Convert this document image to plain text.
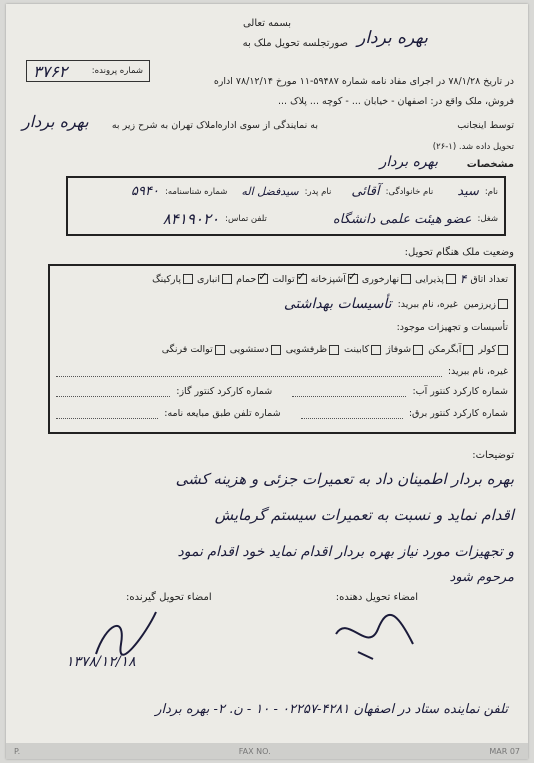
بسمه تعالی
صورتجلسه تحویل ملک به بهره بردار
شماره پرونده:
۳۷۶۲
در تاریخ ۷۸/۱/۲۸ در اجرای مفاد نامه شماره ۵۹۴۸۷-۱۱ مورخ ۷۸/۱۲/۱۴ اداره
فروش، ملک واقع در: اصفهان - خیابان ... - کوچه ... پلاک ...
توسط اینجانب
به نمایندگی از سوی اداره
املاک تهران به شرح زیر به
بهره بردار
تحویل داده شد. (۱-۲۶)
مشخصات
بهره بردار
نام:
سید
نام خانوادگی:
آقائی
نام پدر:
سیدفضل اله
شماره شناسنامه:
۵۹۴۰
شغل:
عضو هیئت علمی دانشگاه
تلفن تماس:
۸۴۱۹۰۲۰
وضعیت ملک هنگام تحویل:
تعداد اتاق
۴
پذیرایی
نهارخوری
✓
آشپزخانه
✓
توالت
✓
حمام
انباری
پارکینگ
زیرزمین
غیره، نام ببرید:
تأسیسات بهداشتی
تأسیسات و تجهیزات موجود:
کولر
آبگرمکن
شوفاژ
کابینت
ظرفشویی
دستشویی
توالت فرنگی
غیره، نام ببرید:
شماره کارکرد کنتور آب:
شماره کارکرد کنتور گاز:
شماره کارکرد کنتور برق:
شماره تلفن طبق مبایعه نامه:
توضیحات:
بهره بردار اطمینان داد به تعمیرات جزئی و هزینه کشی
اقدام نماید و نسبت به تعمیرات سیستم گرمایش
و تجهیزات مورد نیاز بهره بردار اقدام نماید خود اقدام نمود
مرحوم شود
امضاء تحویل دهنده:
امضاء تحویل گیرنده:
۱۳۷۸/۱۲/۱۸
تلفن نماینده ستاد در اصفهان ۴۲۸۱-۰۲۲۵۷ - ۱۰ - ن. ۲- بهره بردار
P.	FAX NO.	MAR 07
